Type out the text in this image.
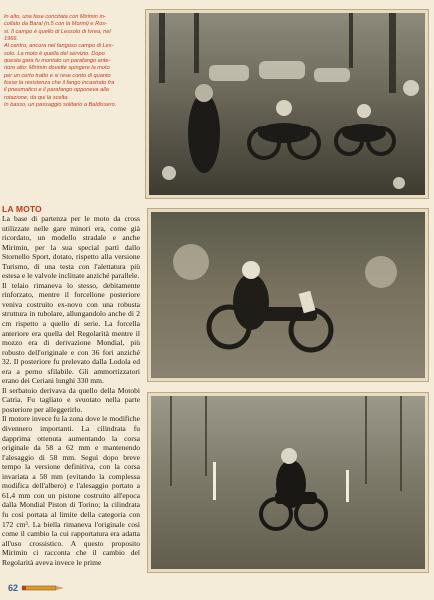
In alto, una fase concitata con Mirimin in-

collato da Baral (n.5 con la Morini) e Ros-

si. Il campo è quello di Lessolo di Ivrea, nel

1966.

Al centro, ancora nel fangoso campo di Les-

solo. La moto è quella del servizio. Dopo

questa gara fu montato un parafango ante-

riore alto: Mirimin dovette spingere la moto

per un certo tratto e si rese conto di quanto

fosse la resistenza che il fango incastrato fra

il pneumatico e il parafango opponeva alla

rotazione, da qui la scelta.

In basso, un passaggio solitario a Baldissero.

LA MOTO

La base di partenza per le moto da cross utilizzate nelle gare minori era, come già ricordato, un modello stradale e anche Mirimin, per la sua special parti dallo Stornello Sport, dotato, rispetto alla versione Turismo, di una testa con l'alettatura più estesa e le valvole inclinate anziché parallele.

Il telaio rimaneva lo stesso, debitamente rinforzato, mentre il forcellone posteriore veniva costruito ex-novo con una robusta struttura in tubolare, allungandolo anche di 2 cm rispetto a quello di serie. La forcella anteriore era quella del Regolarità mentre il mozzo era di derivazione Mondial, più robusto dell'originale e con 36 fori anziché 32. Il posteriore fu prelevato dalla Lodola ed era a perno sfilabile. Gli ammortizzatori erano dei Ceriani lunghi 330 mm.

Il serbatoio derivava da quello della Motobi Catria. Fu tagliato e svuotato nella parte posteriore per alleggerirlo.

Il motore invece fu la zona dove le modifiche divennero importanti. La cilindrata fu dapprima ottenuta aumentando la corsa originale da 58 a 62 mm e mantenendo l'alesaggio di 58 mm. Seguì dopo breve tempo la versione definitiva, con la corsa invariata a 58 mm (evitando la complessa modifica dell'albero) e l'alesaggio portato a 61,4 mm con un pistone costruito all'epoca dalla Mondial Piston di Torino; la cilindrata fu così portata al limite della categoria con 172 cm³. La biella rimaneva l'originale così come il cambio la cui rapportatura era adatta all'uso crossistico. A questo proposito Mirimin ci racconta che il cambio del Regolarità aveva invece le prime

62
